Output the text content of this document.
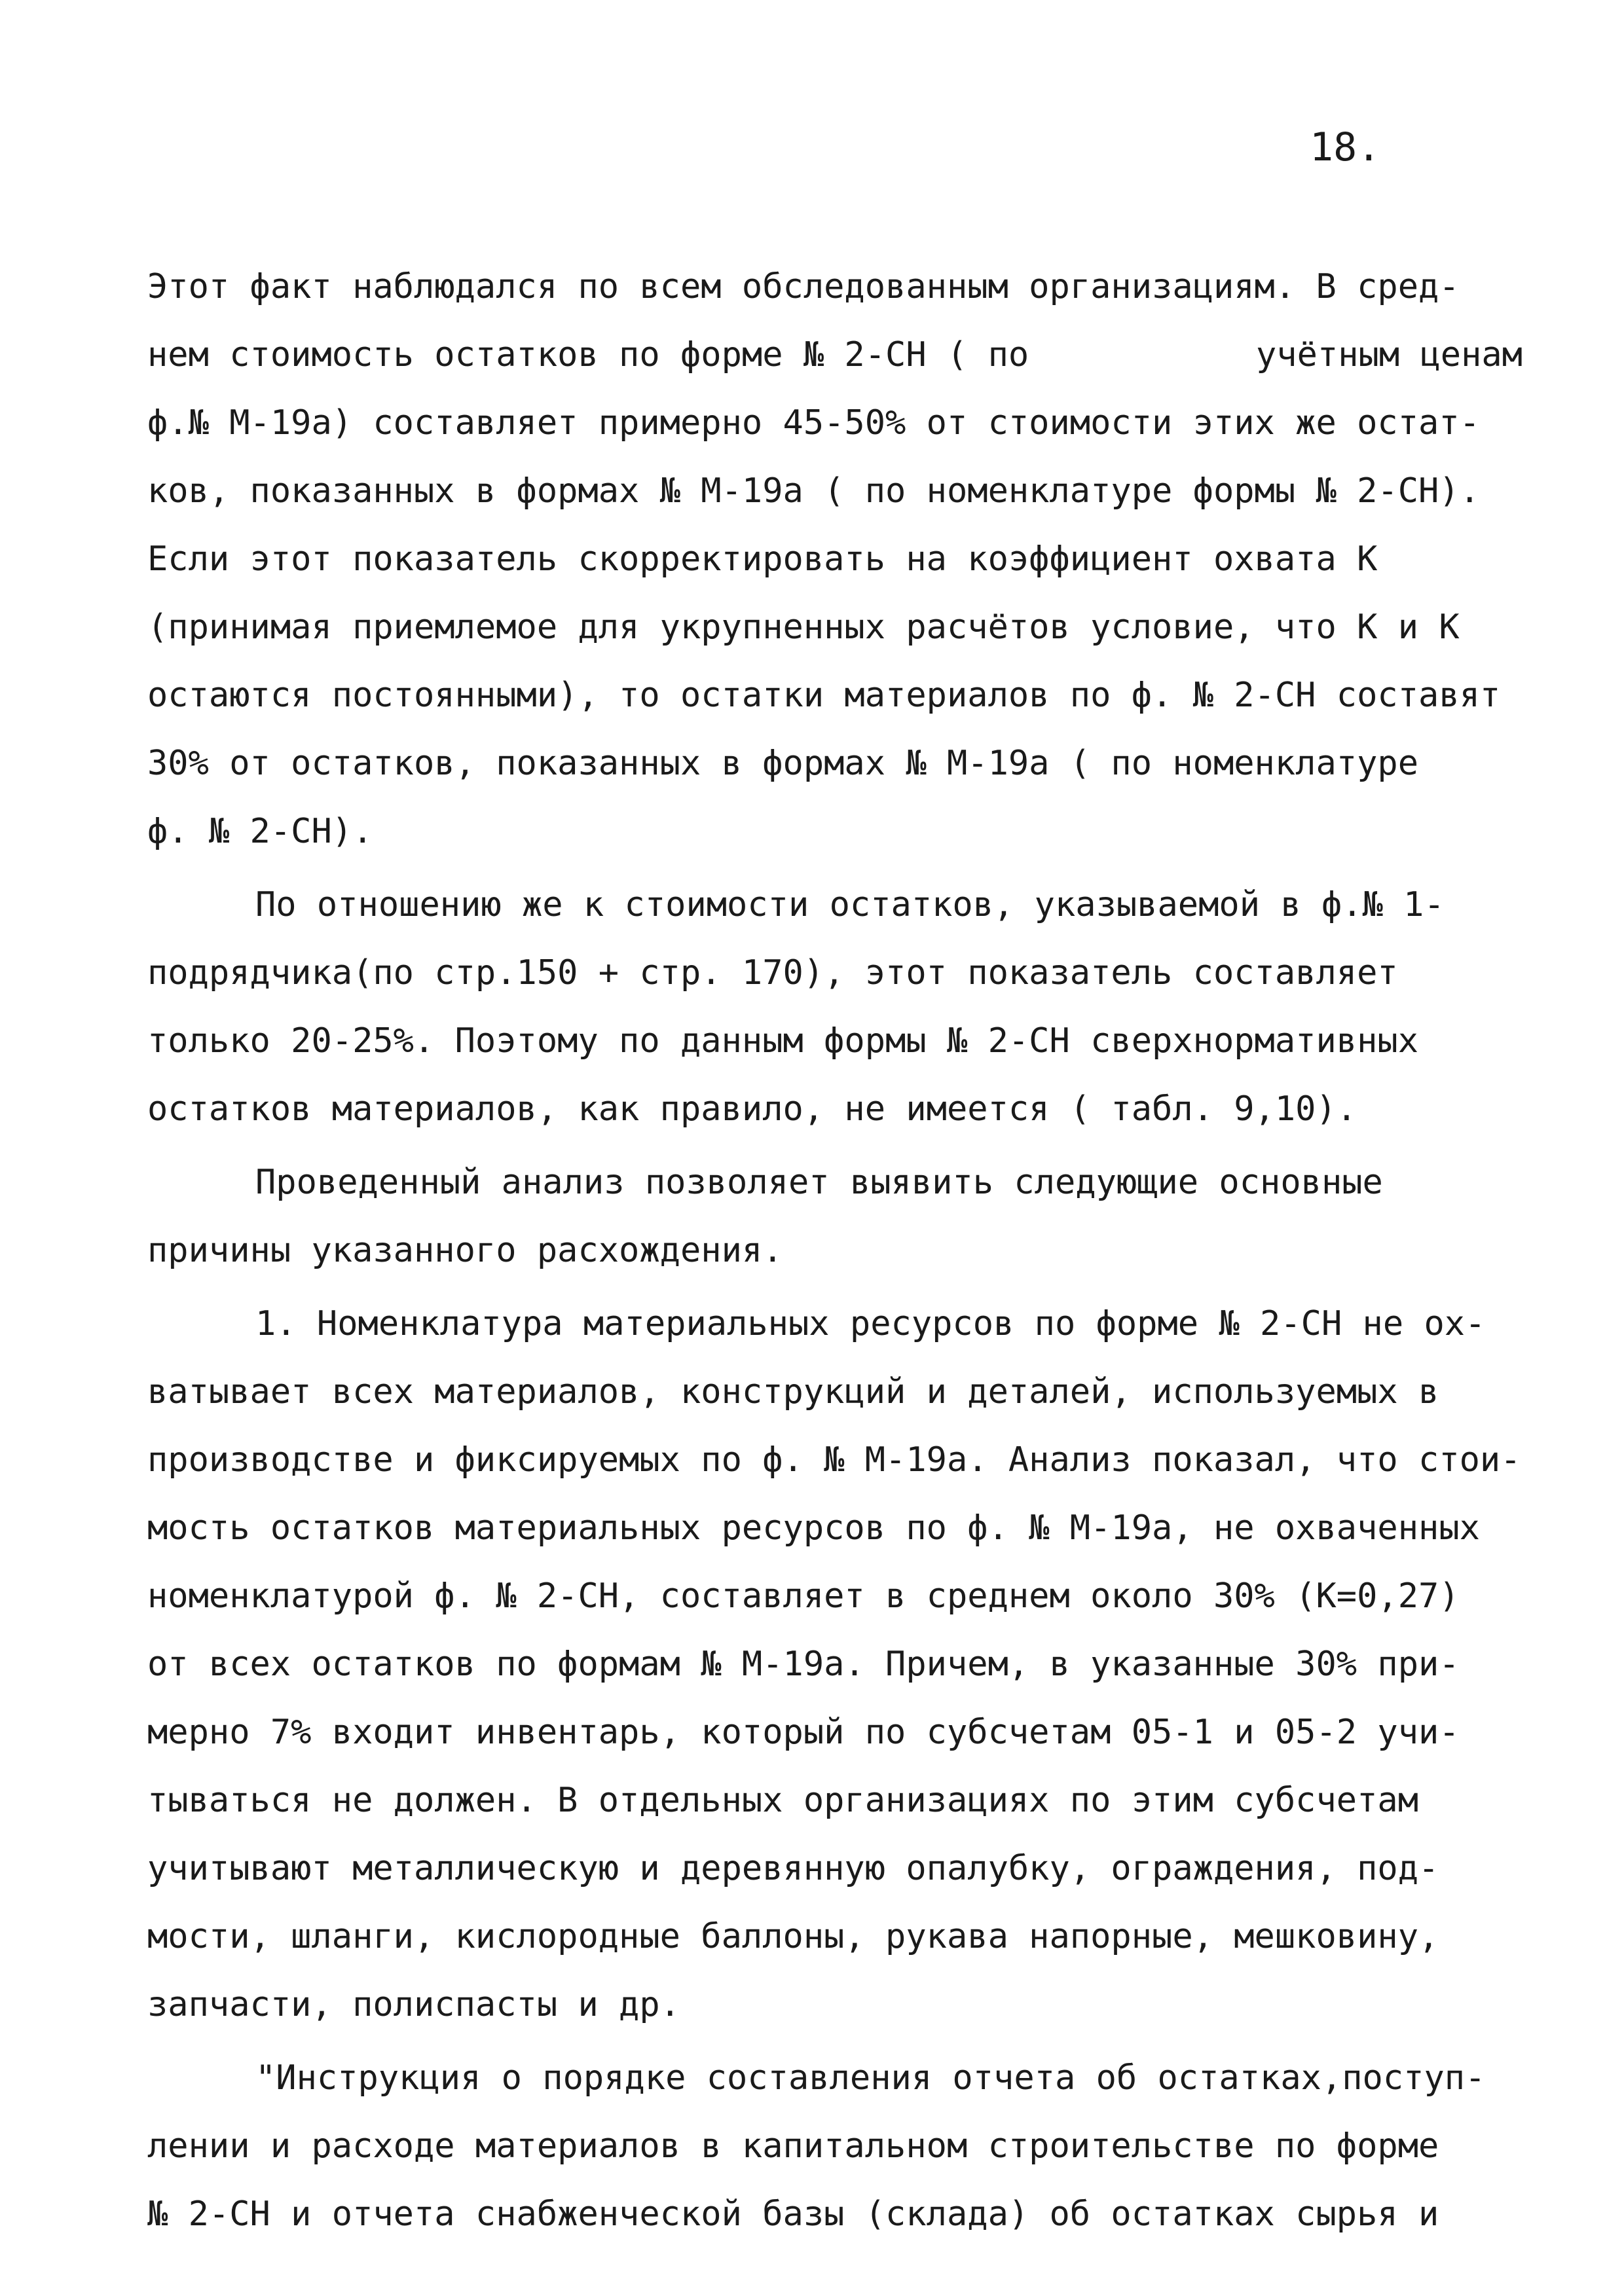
18.
Этот факт наблюдался по всем обследованным организациям. В сред-
нем стоимость остатков по форме № 2-СН ( по	учётным ценам
ф.№ М-19а) составляет примерно 45-50% от стоимости этих же остат-
ков, показанных в формах № М-19а ( по номенклатуре формы № 2-СН).
Если этот показатель скорректировать на коэффициент охвата К
(принимая приемлемое для укрупненных расчётов условие, что К и К
остаются постоянными), то остатки материалов по ф. № 2-СН составят
30% от остатков, показанных в формах № М-19а ( по номенклатуре
ф. № 2-СН).
По отношению же к стоимости остатков, указываемой в ф.№ 1-
подрядчика(по стр.150 + стр. 170), этот показатель составляет
только 20-25%. Поэтому по данным формы № 2-СН сверхнормативных
остатков материалов, как правило, не имеется ( табл. 9,10).
Проведенный анализ позволяет выявить следующие основные
причины указанного расхождения.
1. Номенклатура материальных ресурсов по форме № 2-СН не ох-
ватывает всех материалов, конструкций и деталей, используемых в
производстве и фиксируемых по ф. № М-19а. Анализ показал, что стои-
мость остатков материальных ресурсов по ф. № М-19а, не охваченных
номенклатурой ф. № 2-СН, составляет в среднем около 30% (К=0,27)
от всех остатков по формам № М-19а. Причем, в указанные 30% при-
мерно 7% входит инвентарь, который по субсчетам 05-1 и 05-2 учи-
тываться не должен. В отдельных организациях по этим субсчетам
учитывают металлическую и деревянную опалубку, ограждения, под-
мости, шланги, кислородные баллоны, рукава напорные, мешковину,
запчасти, полиспасты и др.
"Инструкция о порядке составления отчета об остатках,поступ-
лении и расходе материалов в капитальном строительстве по форме
№ 2-СН и отчета снабженческой базы (склада) об остатках сырья и
